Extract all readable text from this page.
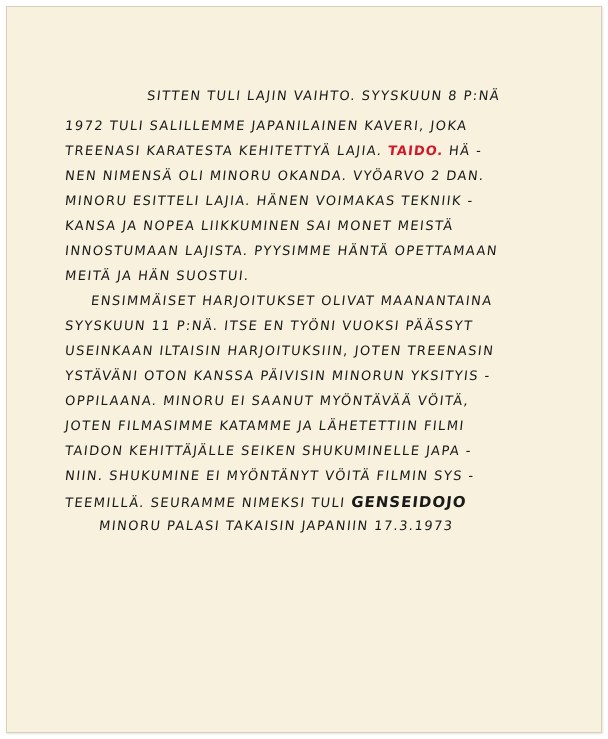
SITTEN TULI LAJIN VAIHTO. SYYSKUUN 8 P:NÄ
1972 TULI SALILLEMME JAPANILAINEN KAVERI, JOKA
TREENASI KARATESTA KEHITETTYÄ LAJIA. TAIDO. HÄ -
NEN NIMENSÄ OLI MINORU OKANDA. VYÖARVO 2 DAN.
MINORU ESITTELI LAJIA. HÄNEN VOIMAKAS TEKNIIK -
KANSA JA NOPEA LIIKKUMINEN SAI MONET MEISTÄ
INNOSTUMAAN LAJISTA. PYYSIMME HÄNTÄ OPETTAMAAN
MEITÄ JA HÄN SUOSTUI.
ENSIMMÄISET HARJOITUKSET OLIVAT MAANANTAINA
SYYSKUUN 11 P:NÄ. ITSE EN TYÖNI VUOKSI PÄÄSSYT
USEINKAAN ILTAISIN HARJOITUKSIIN, JOTEN TREENASIN
YSTÄVÄNI OTON KANSSA PÄIVISIN MINORUN YKSITYIS -
OPPILAANA. MINORU EI SAANUT MYÖNTÄVÄÄ VÖITÄ,
JOTEN FILMASIMME KATAMME JA LÄHETETTIIN FILMI
TAIDON KEHITTÄJÄLLE SEIKEN SHUKUMINELLE JAPA -
NIIN. SHUKUMINE EI MYÖNTÄNYT VÖITÄ FILMIN SYS -
TEEMILLÄ. SEURAMME NIMEKSI TULI GENSEIDOJO
MINORU PALASI TAKAISIN JAPANIIN 17.3.1973
